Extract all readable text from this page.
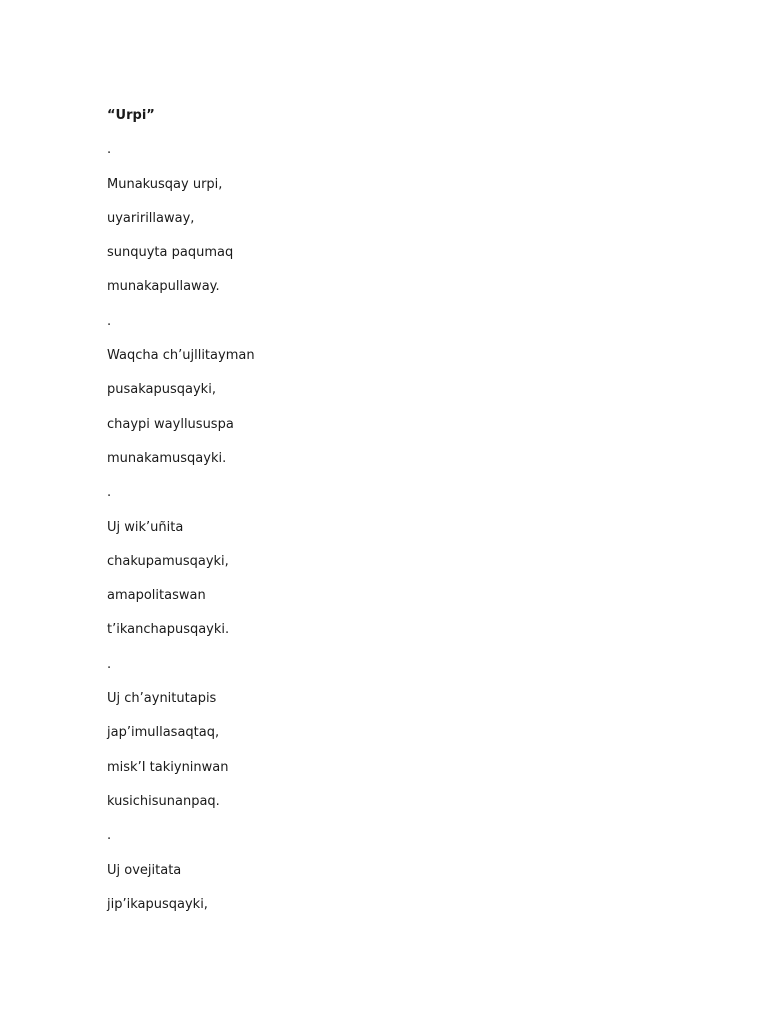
“Urpi”
.
Munakusqay urpi,
uyaririllaway,
sunquyta paqumaq
munakapullaway.
.
Waqcha ch’ujllitayman
pusakapusqayki,
chaypi wayllususpa
munakamusqayki.
.
Uj wik’uñita
chakupamusqayki,
amapolitaswan
t’ikanchapusqayki.
.
Uj ch’aynitutapis
jap’imullasaqtaq,
misk’I takiyninwan
kusichisunanpaq.
.
Uj ovejitata
jip’ikapusqayki,
